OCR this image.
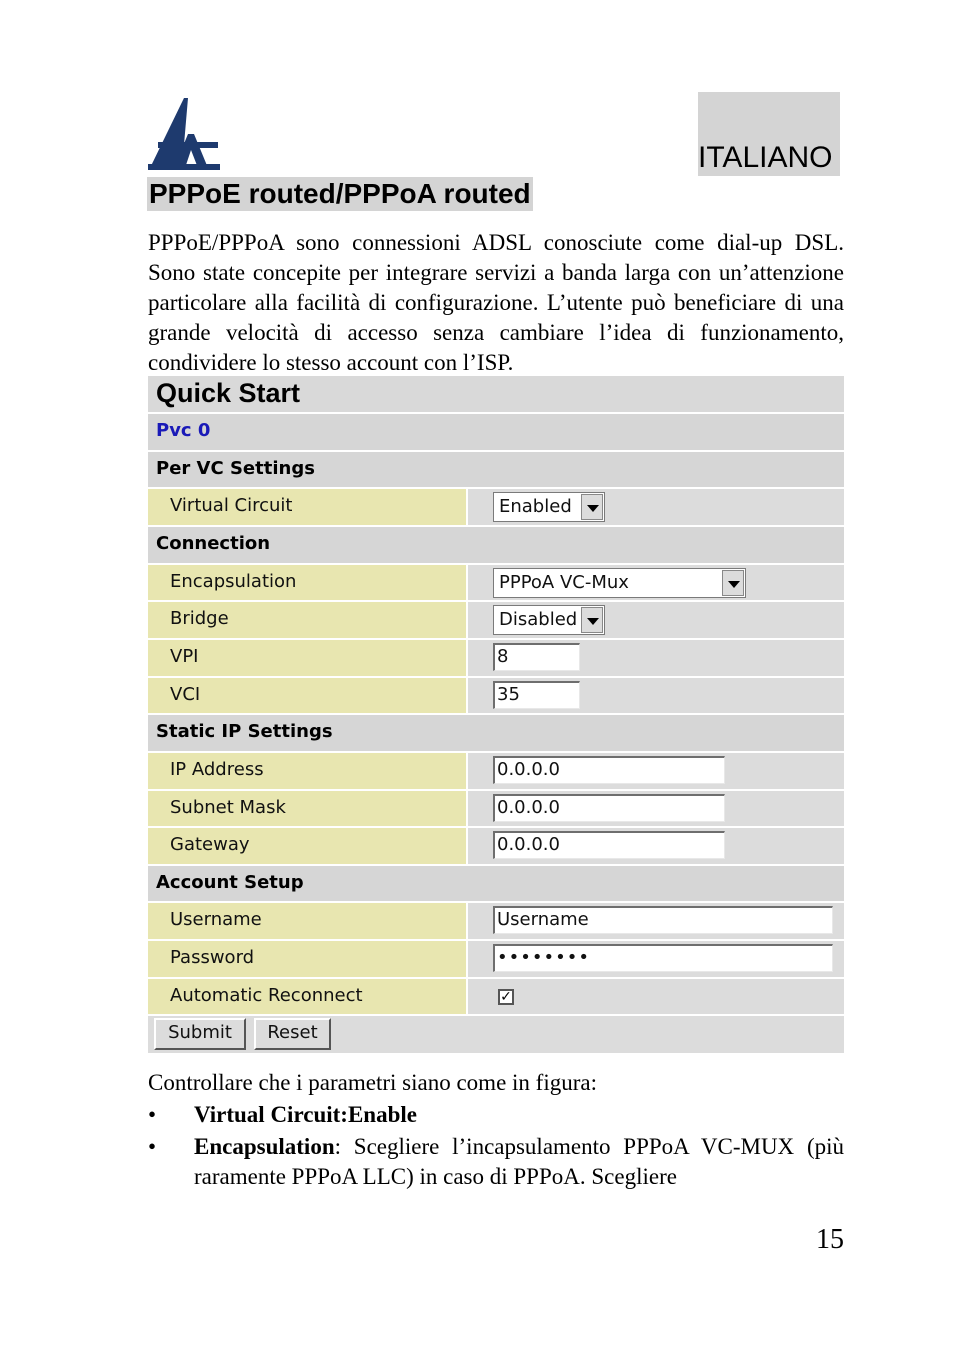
ITALIANO
PPPoE routed/PPPoA routed

PPPoE/PPPoA sono connessioni ADSL conosciute come dial-up DSL. Sono state concepite per integrare servizi a banda larga con un’attenzione particolare alla facilità di configurazione. L’utente può beneficiare di una grande velocità di accesso senza cambiare l’idea di funzionamento, condividere lo stesso account con l’ISP.

Quick Start
Pvc 0
Per VC Settings
Virtual Circuit	Enabled
Connection
Encapsulation	PPPoA VC-Mux
Bridge	Disabled
VPI	8
VCI	35
Static IP Settings
IP Address	0.0.0.0
Subnet Mask	0.0.0.0
Gateway	0.0.0.0
Account Setup
Username	Username
Password	••••••••
Automatic Reconnect	✓
Submit	Reset

Controllare che i parametri siano come in figura:

• Virtual Circuit:Enable

• Encapsulation: Scegliere l’incapsulamento PPPoA VC-MUX (più raramente PPPoA LLC) in caso di PPPoA. Scegliere

15
